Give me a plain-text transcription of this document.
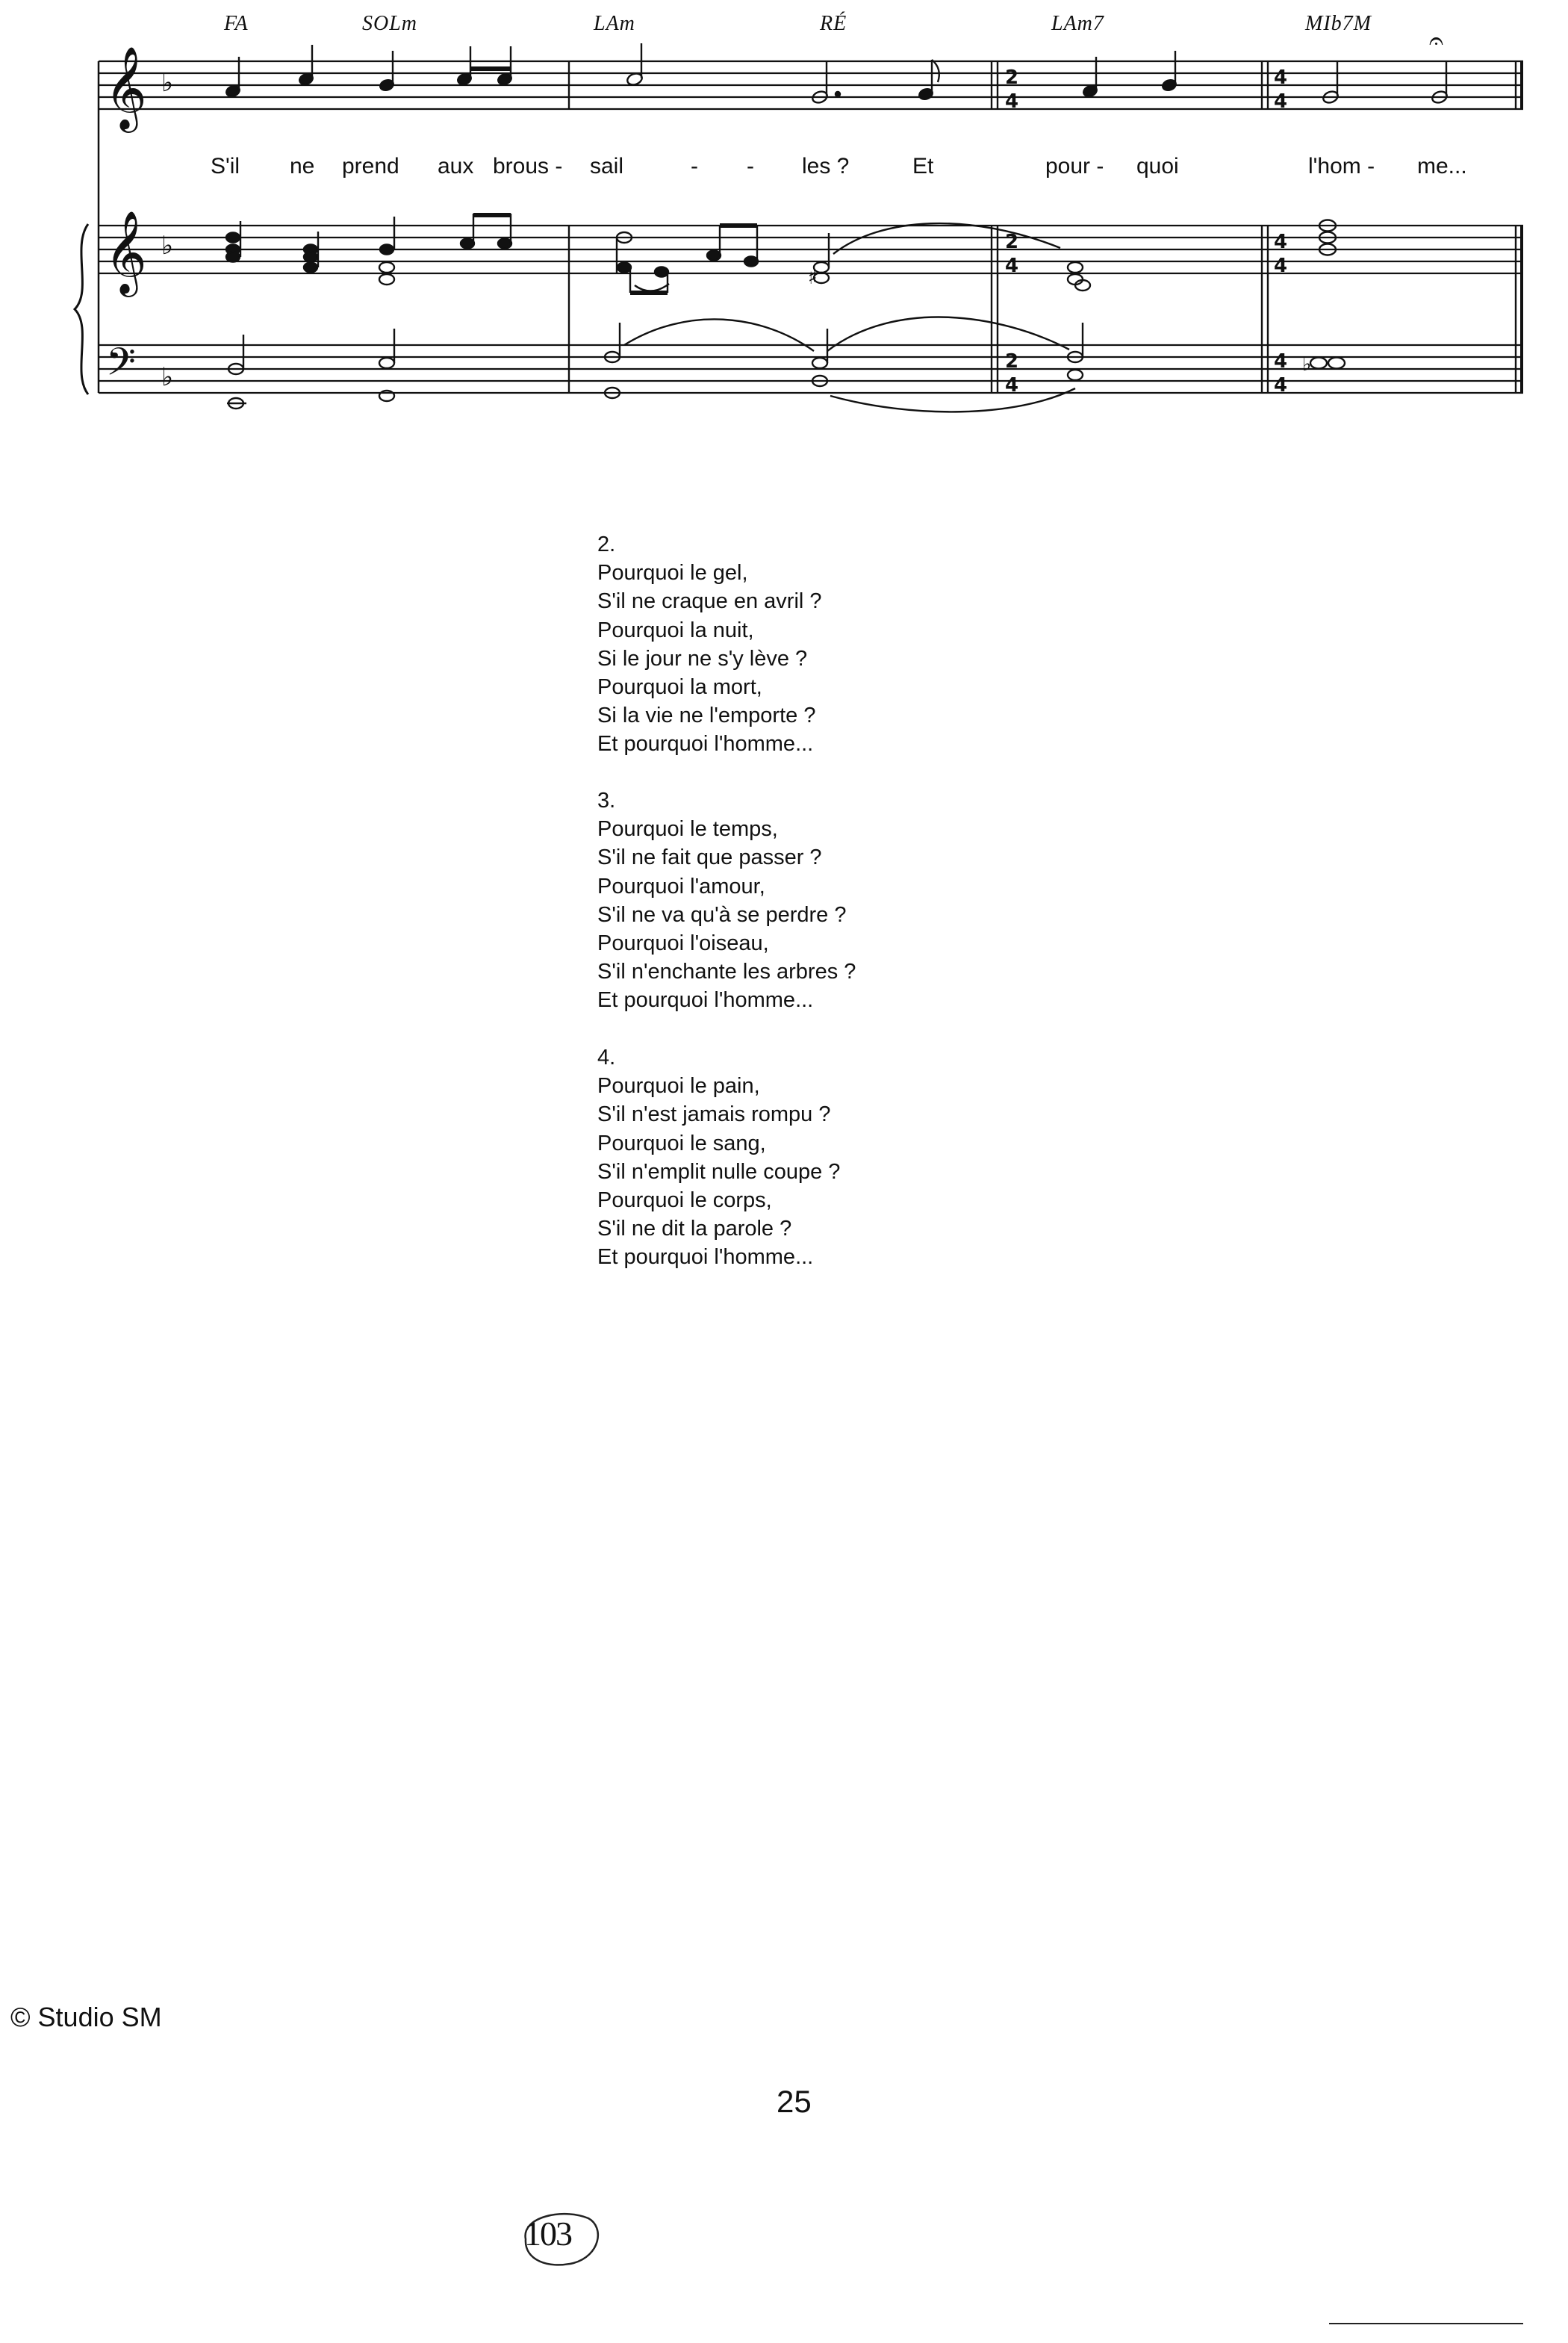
𝄞
𝄞
𝄢
♭
♭
♭
2
4
2
4
2
4
4
4
4
4
4
4
𝄐
♯
♭
FA	SOLm	LAm	RÉ	LAm7	MIb7M
S'il ne prend aux brous - sail	- - les ?	Et	pour - quoi	l'hom - me...
2.
Pourquoi le gel,
S'il ne craque en avril ?
Pourquoi la nuit,
Si le jour ne s'y lève ?
Pourquoi la mort,
Si la vie ne l'emporte ?
Et pourquoi l'homme...
3.
Pourquoi le temps,
S'il ne fait que passer ?
Pourquoi l'amour,
S'il ne va qu'à se perdre ?
Pourquoi l'oiseau,
S'il n'enchante les arbres ?
Et pourquoi l'homme...
4.
Pourquoi le pain,
S'il n'est jamais rompu ?
Pourquoi le sang,
S'il n'emplit nulle coupe ?
Pourquoi le corps,
S'il ne dit la parole ?
Et pourquoi l'homme...
© Studio SM
25
103
